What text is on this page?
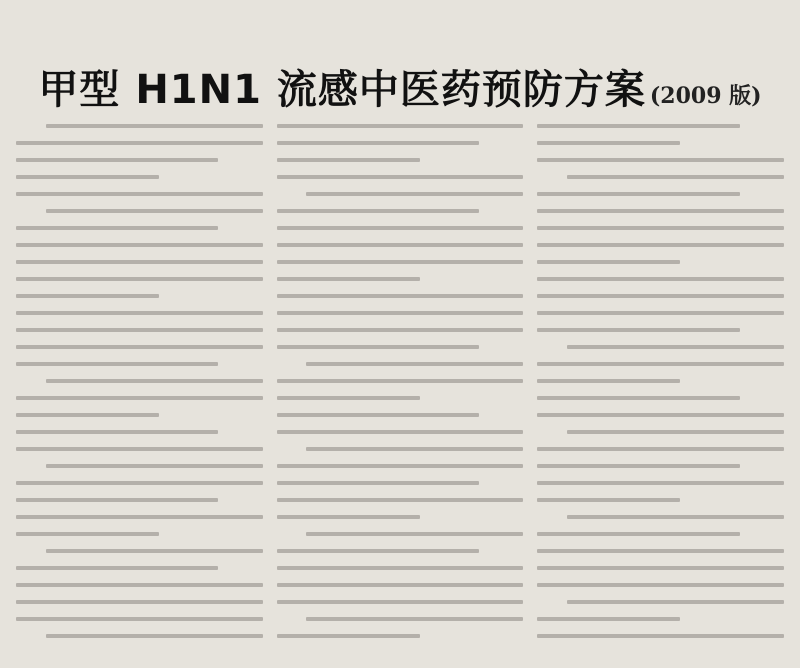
甲型 H1N1 流感中医药预防方案 (2009 版)
